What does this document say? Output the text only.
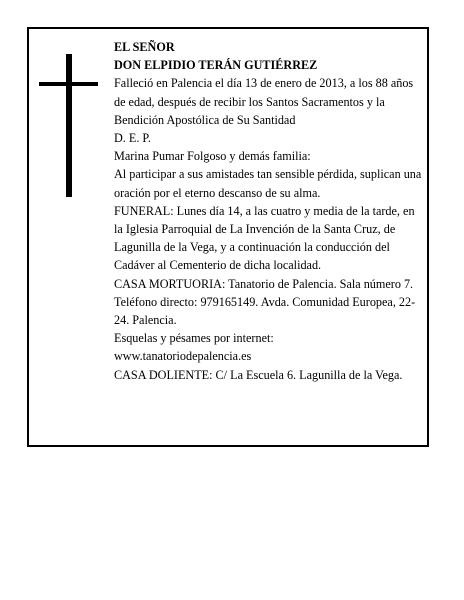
EL SEÑOR

DON ELPIDIO TERÁN GUTIÉRREZ

Falleció en Palencia el día 13 de enero de 2013, a los 88 años de edad, después de recibir los Santos Sacramentos y la Bendición Apostólica de Su Santidad

D. E. P.

Marina Pumar Folgoso y demás familia:

Al participar a sus amistades tan sensible pérdida, suplican una oración por el eterno descanso de su alma.

FUNERAL: Lunes día 14, a las cuatro y media de la tarde, en la Iglesia Parroquial de La Invención de la Santa Cruz, de Lagunilla de la Vega, y a continuación la conducción del Cadáver al Cementerio de dicha localidad.

CASA MORTUORIA: Tanatorio de Palencia. Sala número 7. Teléfono directo: 979165149. Avda. Comunidad Europea, 22-24. Palencia.

Esquelas y pésames por internet:

www.tanatoriodepalencia.es

CASA DOLIENTE: C/ La Escuela 6. Lagunilla de la Vega.
